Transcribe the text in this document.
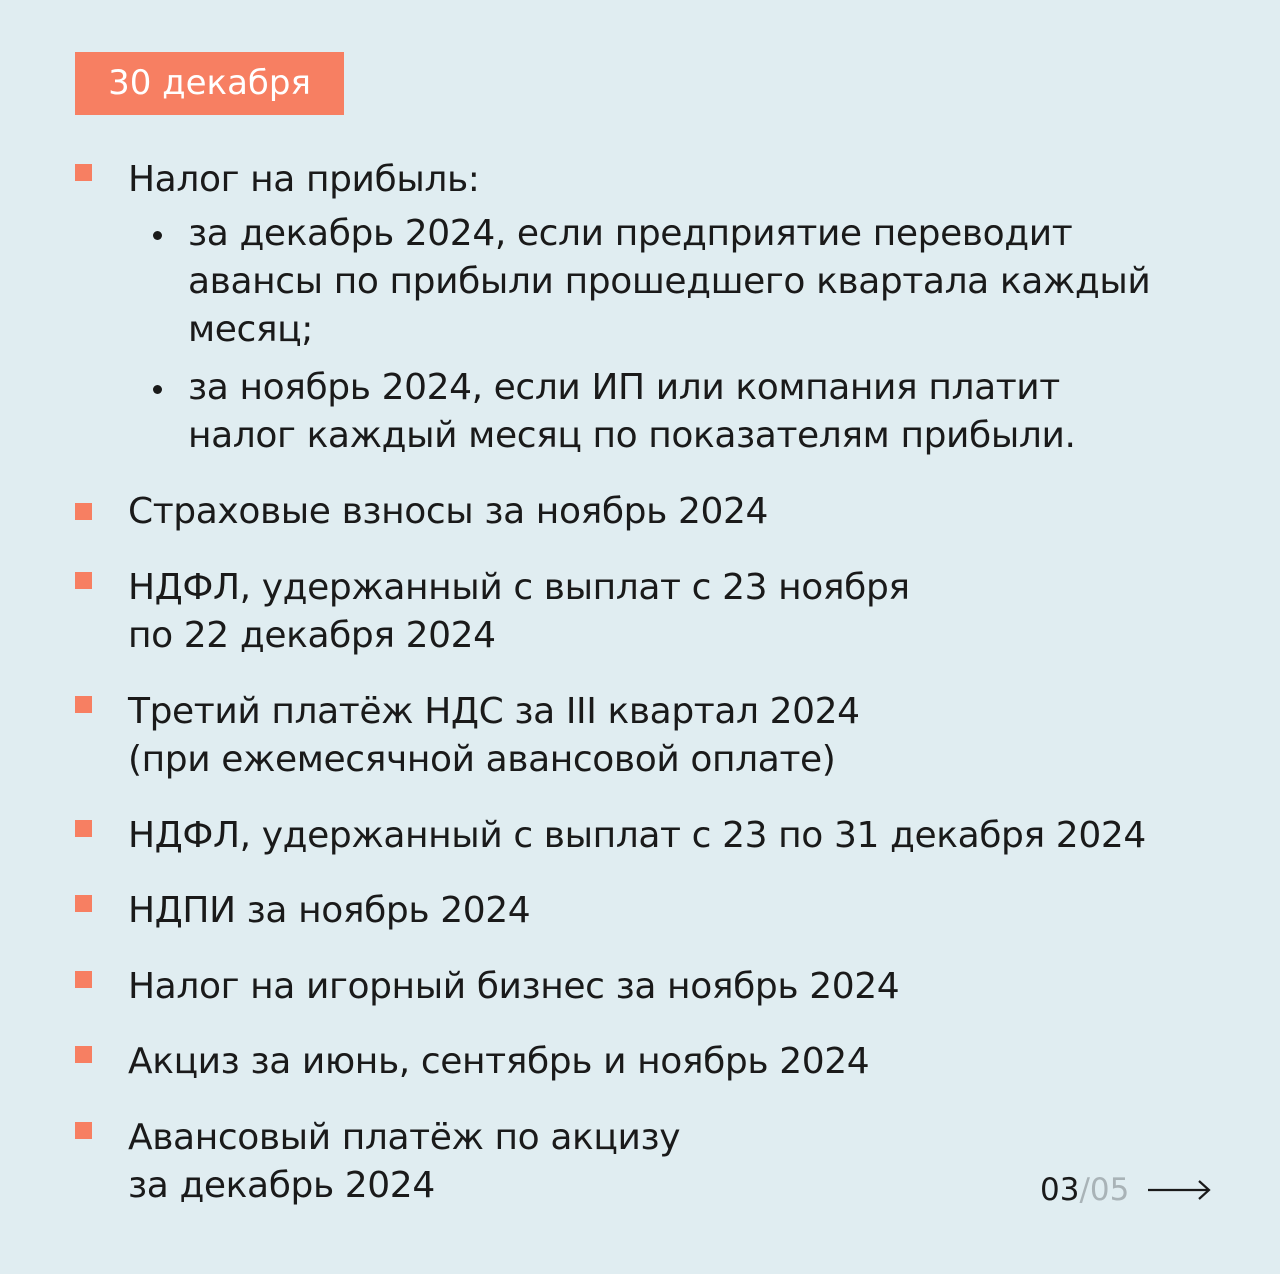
30 декабря
Налог на прибыль:
за декабрь 2024, если предприятие переводит
авансы по прибыли прошедшего квартала каждый
месяц;
за ноябрь 2024, если ИП или компания платит
налог каждый месяц по показателям прибыли.
Страховые взносы за ноябрь 2024
НДФЛ, удержанный с выплат с 23 ноября
по 22 декабря 2024
Третий платёж НДС за III квартал 2024
(при ежемесячной авансовой оплате)
НДФЛ, удержанный с выплат с 23 по 31 декабря 2024
НДПИ за ноябрь 2024
Налог на игорный бизнес за ноябрь 2024
Акциз за июнь, сентябрь и ноябрь 2024
Авансовый платёж по акцизу
за декабрь 2024	03/05
